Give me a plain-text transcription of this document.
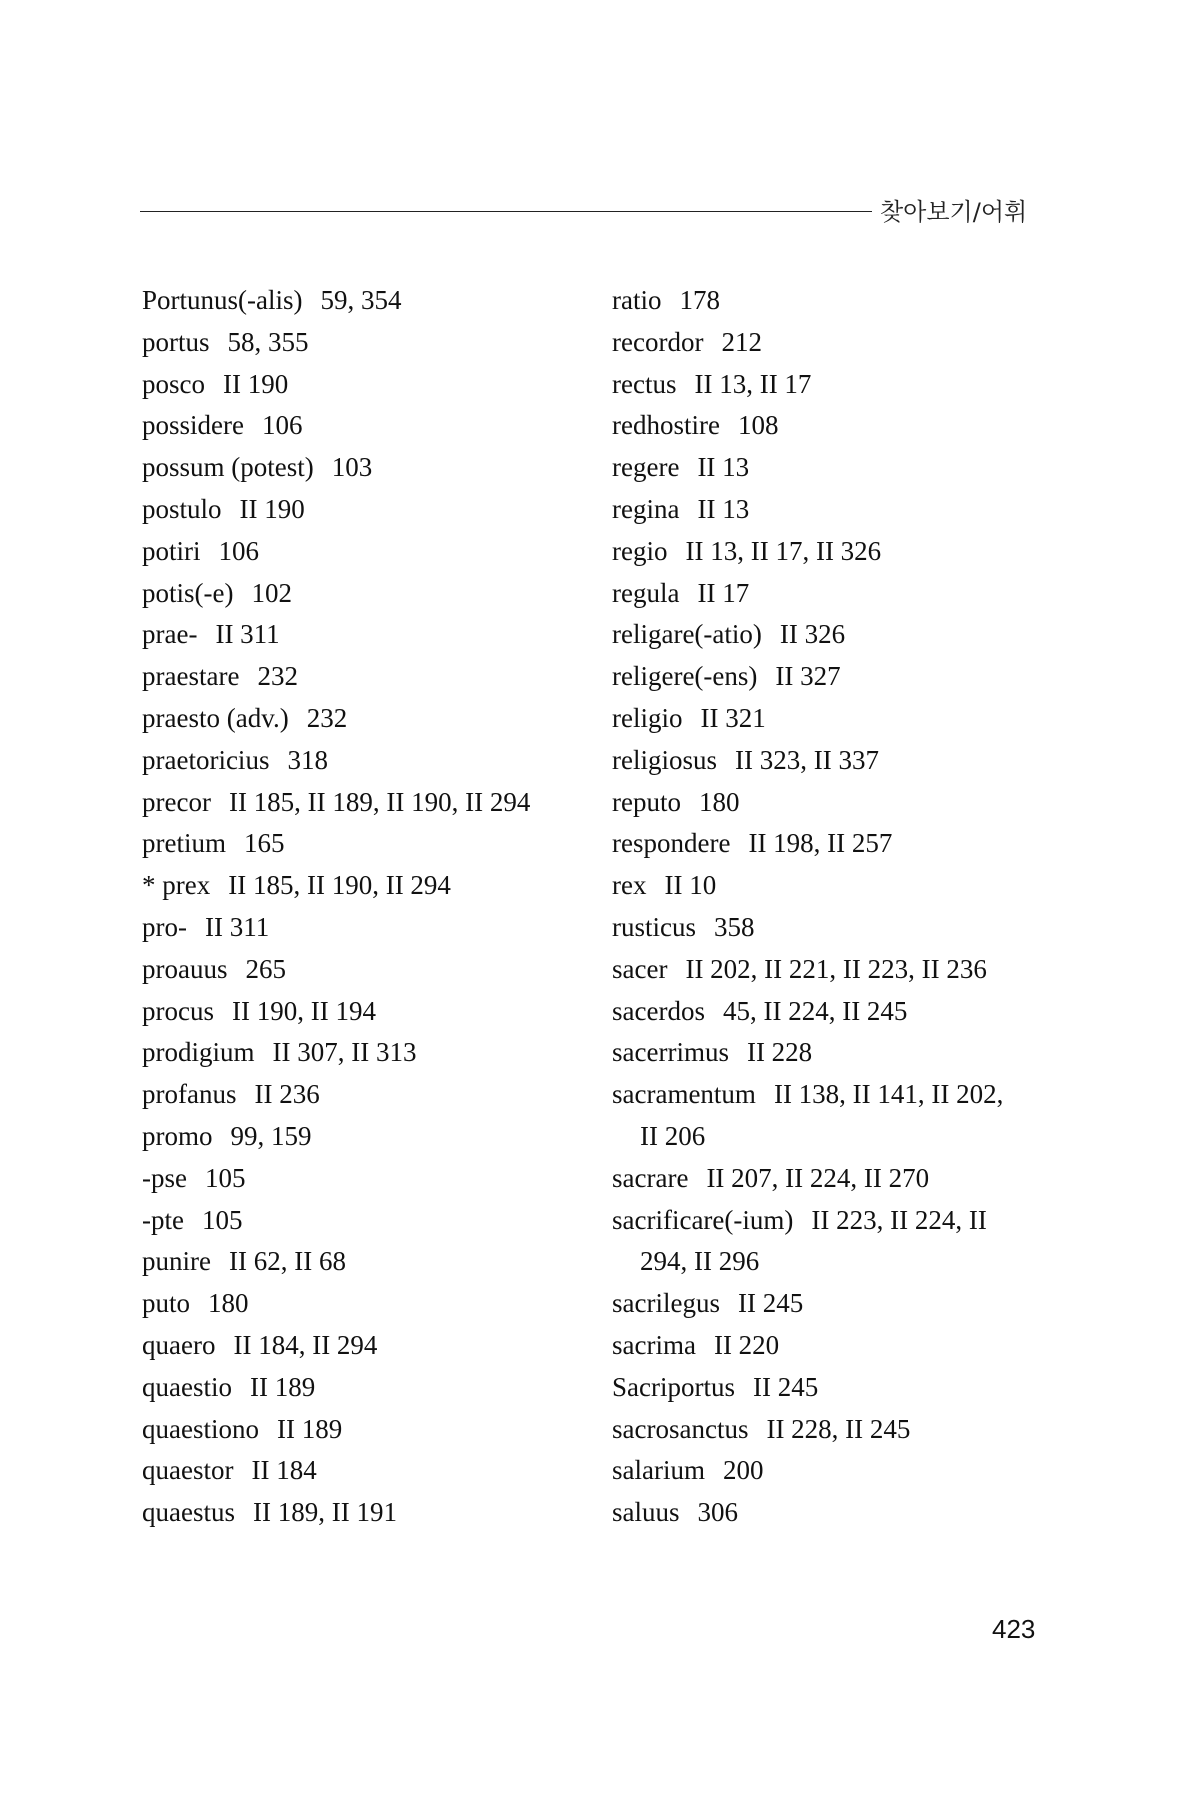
찾아보기/어휘
Portunus(-alis) 59, 354
portus 58, 355
posco II 190
possidere 106
possum (potest) 103
postulo II 190
potiri 106
potis(-e) 102
prae- II 311
praestare 232
praesto (adv.) 232
praetoricius 318
precor II 185, II 189, II 190, II 294
pretium 165
* prex II 185, II 190, II 294
pro- II 311
proauus 265
procus II 190, II 194
prodigium II 307, II 313
profanus II 236
promo 99, 159
-pse 105
-pte 105
punire II 62, II 68
puto 180
quaero II 184, II 294
quaestio II 189
quaestiono II 189
quaestor II 184
quaestus II 189, II 191
ratio 178
recordor 212
rectus II 13, II 17
redhostire 108
regere II 13
regina II 13
regio II 13, II 17, II 326
regula II 17
religare(-atio) II 326
religere(-ens) II 327
religio II 321
religiosus II 323, II 337
reputo 180
respondere II 198, II 257
rex II 10
rusticus 358
sacer II 202, II 221, II 223, II 236
sacerdos 45, II 224, II 245
sacerrimus II 228
sacramentum II 138, II 141, II 202,
II 206
sacrare II 207, II 224, II 270
sacrificare(-ium) II 223, II 224, II
294, II 296
sacrilegus II 245
sacrima II 220
Sacriportus II 245
sacrosanctus II 228, II 245
salarium 200
saluus 306
423
